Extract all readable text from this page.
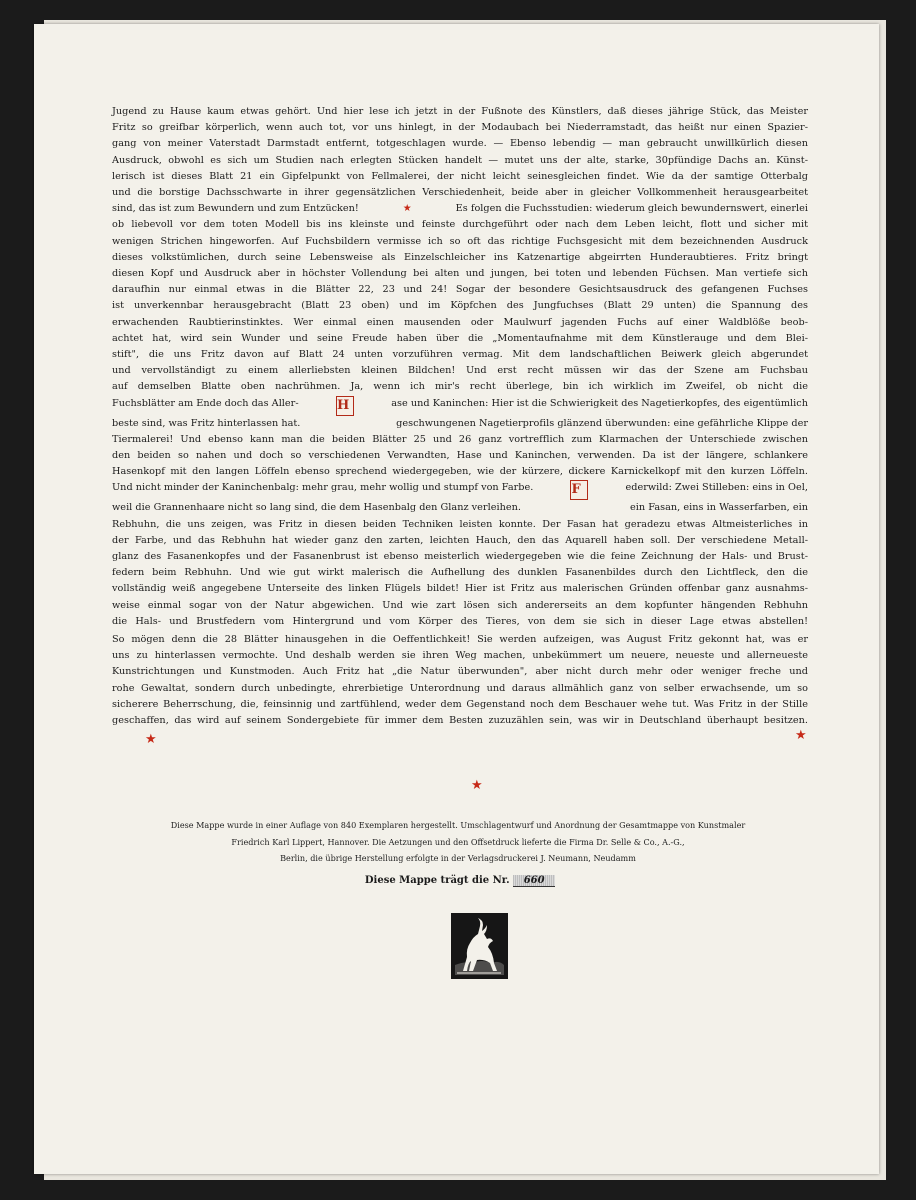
Jugend zu Hause kaum etwas gehört. Und hier lese ich jetzt in der Fußnote des Künstlers, daß dieses jährige Stück, das Meister

Fritz so greifbar körperlich, wenn auch tot, vor uns hinlegt, in der Modaubach bei Niederramstadt, das heißt nur einen Spazier-

gang von meiner Vaterstadt Darmstadt entfernt, totgeschlagen wurde. — Ebenso lebendig — man gebraucht unwillkürlich diesen

Ausdruck, obwohl es sich um Studien nach erlegten Stücken handelt — mutet uns der alte, starke, 30pfündige Dachs an. Künst-

lerisch ist dieses Blatt 21 ein Gipfelpunkt von Fellmalerei, der nicht leicht seinesgleichen findet. Wie da der samtige Otterbalg

und die borstige Dachsschwarte in ihrer gegensätzlichen Verschiedenheit, beide aber in gleicher Vollkommenheit herausgearbeitet

sind, das ist zum Bewundern und zum Entzücken!	★	Es folgen die Fuchsstudien: wiederum gleich bewundernswert, einerlei

ob liebevoll vor dem toten Modell bis ins kleinste und feinste durchgeführt oder nach dem Leben leicht, flott und sicher mit

wenigen Strichen hingeworfen. Auf Fuchsbildern vermisse ich so oft das richtige Fuchsgesicht mit dem bezeichnenden Ausdruck

dieses volkstümlichen, durch seine Lebensweise als Einzelschleicher ins Katzenartige abgeirrten Hunderaubtieres. Fritz bringt

diesen Kopf und Ausdruck aber in höchster Vollendung bei alten und jungen, bei toten und lebenden Füchsen. Man vertiefe sich

daraufhin nur einmal etwas in die Blätter 22, 23 und 24! Sogar der besondere Gesichtsausdruck des gefangenen Fuchses

ist unverkennbar herausgebracht (Blatt 23 oben) und im Köpfchen des Jungfuchses (Blatt 29 unten) die Spannung des

erwachenden Raubtierinstinktes. Wer einmal einen mausenden oder Maulwurf jagenden Fuchs auf einer Waldblöße beob-

achtet hat, wird sein Wunder und seine Freude haben über die „Momentaufnahme mit dem Künstlerauge und dem Blei-

stift", die uns Fritz davon auf Blatt 24 unten vorzuführen vermag. Mit dem landschaftlichen Beiwerk gleich abgerundet

und vervollständigt zu einem allerliebsten kleinen Bildchen! Und erst recht müssen wir das der Szene am Fuchsbau

auf demselben Blatte oben nachrühmen. Ja, wenn ich mir's recht überlege, bin ich wirklich im Zweifel, ob nicht die

Fuchsblätter am Ende doch das Aller-	H	ase und Kaninchen: Hier ist die Schwierigkeit des Nagetierkopfes, des eigentümlich

beste sind, was Fritz hinterlassen hat.	geschwungenen Nagetierprofils glänzend überwunden: eine gefährliche Klippe der

Tiermalerei! Und ebenso kann man die beiden Blätter 25 und 26 ganz vortrefflich zum Klarmachen der Unterschiede zwischen

den beiden so nahen und doch so verschiedenen Verwandten, Hase und Kaninchen, verwenden. Da ist der längere, schlankere

Hasenkopf mit den langen Löffeln ebenso sprechend wiedergegeben, wie der kürzere, dickere Karnickelkopf mit den kurzen Löffeln.

Und nicht minder der Kaninchenbalg: mehr grau, mehr wollig und stumpf von Farbe.	F	ederwild: Zwei Stilleben: eins in Oel,

weil die Grannenhaare nicht so lang sind, die dem Hasenbalg den Glanz verleihen.	ein Fasan, eins in Wasserfarben, ein

Rebhuhn, die uns zeigen, was Fritz in diesen beiden Techniken leisten konnte. Der Fasan hat geradezu etwas Altmeisterliches in

der Farbe, und das Rebhuhn hat wieder ganz den zarten, leichten Hauch, den das Aquarell haben soll. Der verschiedene Metall-

glanz des Fasanenkopfes und der Fasanenbrust ist ebenso meisterlich wiedergegeben wie die feine Zeichnung der Hals- und Brust-

federn beim Rebhuhn. Und wie gut wirkt malerisch die Aufhellung des dunklen Fasanenbildes durch den Lichtfleck, den die

vollständig weiß angegebene Unterseite des linken Flügels bildet! Hier ist Fritz aus malerischen Gründen offenbar ganz ausnahms-

weise einmal sogar von der Natur abgewichen. Und wie zart lösen sich andererseits an dem kopfunter hängenden Rebhuhn

die Hals- und Brustfedern vom Hintergrund und vom Körper des Tieres, von dem sie sich in dieser Lage etwas abstellen!

So mögen denn die 28 Blätter hinausgehen in die Oeffentlichkeit! Sie werden aufzeigen, was August Fritz gekonnt hat, was er

uns zu hinterlassen vermochte. Und deshalb werden sie ihren Weg machen, unbekümmert um neuere, neueste und allerneueste

Kunstrichtungen und Kunstmoden. Auch Fritz hat „die Natur überwunden", aber nicht durch mehr oder weniger freche und

rohe Gewaltat, sondern durch unbedingte, ehrerbietige Unterordnung und daraus allmählich ganz von selber erwachsende, um so

sicherere Beherrschung, die, feinsinnig und zartfühlend, weder dem Gegenstand noch dem Beschauer wehe tut. Was Fritz in der Stille

geschaffen, das wird auf seinem Sondergebiete für immer dem Besten zuzuzählen sein, was wir in Deutschland überhaupt besitzen.

★	★
★
Diese Mappe wurde in einer Auflage von 840 Exemplaren hergestellt. Umschlagentwurf und Anordnung der Gesamtmappe von Kunstmaler
Friedrich Karl Lippert, Hannover. Die Aetzungen und den Offsetdruck lieferte die Firma Dr. Selle & Co., A.-G.,
Berlin, die übrige Herstellung erfolgte in der Verlagsdruckerei J. Neumann, Neudamm
Diese Mappe trägt die Nr. 660
